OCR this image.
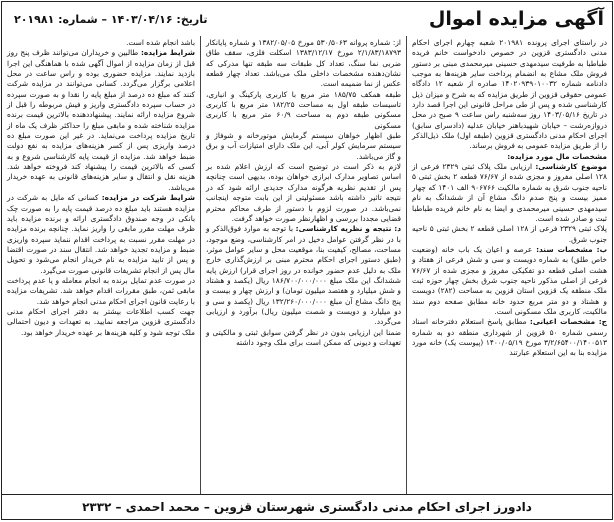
آگهی مزایده اموال
تاریخ: ۱۴۰۳/۰۴/۱۶ – شماره: ۲۰۱۹۸۱

در راستای اجرای پرونده ۲۰۱۹۸۱ شعبه چهارم اجرای احکام مدنی دادگستری قزوین در خصوص دادخواست خانم فریده طباطبا به طرفیت سیدمهدی حسینی میرمحمدی مبنی بر دستور فروش ملک مشاع به انضمام پرداخت سایر هزینه‌ها به موجب دادنامه شماره ۱۴۰۲۰۹۳۹۰۱۰۰۳۲ صادره از شعبه ۱۲ دادگاه عمومی حقوقی قزوین از طریق مزایده که به شرح و میزان ذیل کارشناسی شده و پس از طی مراحل قانونی این اجرا قصد دارد در تاریخ ۱۴۰۳/۰۵/۱۶ روز سه‌شنبه راس ساعت ۹ صبح در محل دروازه‌رشت – خیابان شهیدباهنر خیابان عدلیه (دادسرای سابق) اجرای احکام مدنی دادگستری قزوین (طبقه اول) ملک ذیل‌الذکر را از طریق مزایده عمومی به فروش برساند.

مشخصات مال مورد مزایده:

موضوع کارشناسی: ارزیابی ملک پلاک ثبتی ۲۳۲۹ فرعی از ۱۲۸ اصلی مفروز و مجزی شده از ۷۶/۶۷ قطعه ۲ بخش ثبتی ۵ ناحیه جنوب شرق به شماره مالکیت ۹۰۶۷۶۶ الف ۱۴۰۱ که چهار ممیز بیست و پنج صدم دانگ مشاع آن از ششدانگ به نام سیدمهدی حسینی میرمحمدی و ایضا به نام خانم فریده طباطبا ثبت و صادر شده است.

پلاک ثبتی ۲۳۲۹ فرعی از ۱۲۸ اصلی قطعه ۲ بخش ثبتی ۵ ناحیه جنوب شرق.

ب: مشخصات سند: عرصه و اعیان یک باب خانه (وضعیت خاص طلق) به شماره دویست و سی و شش فرعی از هفتاد و هشت اصلی قطعه دو تفکیکی مفروز و مجزی شده از ۷۶/۶۷ فرعی از اصلی مذکور ناحیه جنوب شرق بخش چهار حوزه ثبت ملک منطقه یک قزوین استان قزوین به مساحت (۲۸۲) دویست و هشتاد و دو متر مربع حدود خانه مطابق صفحه دوم سند مالکیت، کاربری ملک مسکونی است.

ج: مشخصات اعیانی: مطابق پاسخ استعلام دفترخانه اسناد رسمی شماره ۵۰ قزوین از شهرداری منطقه دو به شماره ۳/۲/۶۵۴۰۰/۱۴۰۰۵۱۳ مورخ ۱۴۰۰/۰۵/۱۹ (پیوست یک) خانه مورد مزایده بنا به این استعلام عبارتند

از: شماره پروانه ۵۳۰/۵۰۶۳ مورخ ۱۳۸۲/۰۵/۰۵ و شماره پایانکار ۲/۱/۸۳/۱۸۷۹۳ مورخ ۱۳۸۳/۱۲/۱۷ اسکلت فلزی، سقف طاق ضربی نما سنگ، تعداد کل طبقات سه طبقه تنها مدرکی که نشان‌دهنده مشخصات داخلی ملک می‌باشد. تعداد چهار قطعه عکس از نما ضمیمه است.

طبقه همکف ۱۸۵/۷۵ متر مربع با کاربری پارکینگ و انباری، تاسیسات طبقه اول به مساحت ۱۸۲/۲۵ متر مربع با کاربری مسکونی طبقه دوم به مساحت ۶۰/۹ متر مربع با کاربری مسکونی

طبق اظهار خواهان سیستم گرمایش موتورخانه و شوفاژ و سیستم سرمایش کولر آبی، این ملک دارای امتیازات آب و برق و گاز می‌باشد.

لازم به ذکر است در توضیح است که ارزش اعلام شده بر اساس تصاویر مدارک ابرازی خواهان بوده، بدیهی است چنانچه پس از تقدیم نظریه هرگونه مدارک جدیدی ارائه شود که در نتیجه تاثیر داشته باشد مسئولیتی از این بابت متوجه اینجانب نمی‌باشد. در صورت لزوم با دستور از طرف محاکم محترم قضایی مجددا بررسی و اظهارنظر صورت خواهد گرفت.

د: نتیجه و نظریه کارشناسی: با توجه به موارد فوق‌الذکر و با در نظر گرفتن عوامل دخیل در امر کارشناسی، وضع موجود، مساحت، مصالح، کیفیت بنا، موقعیت محل و سایر عوامل موثر، (طبق دستور اجرای احکام محترم مبنی بر ارزش‌گذاری خارج ملک به دلیل عدم حضور خوانده در روز اجرای قرار) ارزش پایه ششدانگ این ملک مبلغ ۱۸۶/۷۰۰/۰۰۰/۰۰۰ ریال (یکصد و هشتاد و شش میلیارد و هفتصد میلیون تومان) و ارزش چهار و بیست و پنج دانگ مشاع آن مبلغ ۱۳۲/۲۶۰/۰۰۰/۰۰۰ ریال (یکصد و سی و دو میلیارد و دویست و شصت میلیون ریال) برآورد و ارزیابی می‌گردد.

ضمنا این ارزیابی بدون در نظر گرفتن سوابق ثبتی و مالکیتی و تعهدات و دیونی که ممکن است برای ملک وجود داشته

باشد انجام شده است.

شرایط مزایده: طالبین و خریداران می‌توانند ظرف پنج روز قبل از زمان مزایده از اموال آگهی شده با هماهنگی این اجرا بازدید نمایند. مزایده حضوری بوده و راس ساعت در محل اعلامی برگزار می‌گردد. کسانی می‌توانند در مزایده شرکت کنند که مبلغ ده درصد از مبلغ پایه را نقدا و به صورت سپرده در حساب سپرده دادگستری واریز و فیش مربوطه را قبل از شروع مزایده ارائه نمایند. پیشنهاددهنده بالاترین قیمت برنده مزایده شناخته شده و مابقی مبلغ را حداکثر ظرف یک ماه از تاریخ مزایده پرداخت می‌نماید. در غیر این صورت مبلغ ده درصد واریزی پس از کسر هزینه‌های مزایده به نفع دولت ضبط خواهد شد. مزایده از قیمت پایه کارشناسی شروع و به کسی که بالاترین قیمت را پیشنهاد کند فروخته خواهد شد. هزینه نقل و انتقال و سایر هزینه‌های قانونی به عهده خریدار می‌باشد.

شرایط شرکت در مزایده: کسانی که مایل به شرکت در مزایده هستند باید مبلغ ده درصد قیمت پایه را به صورت چک بانکی در وجه صندوق دادگستری ارائه و برنده مزایده باید ظرف مهلت مقرر مابقی را واریز نماید. چنانچه برنده مزایده در مهلت مقرر نسبت به پرداخت اقدام ننماید سپرده واریزی ضبط و مزایده تجدید خواهد شد. انتقال سند در صورت اقتضا و پس از تایید مزایده به نام خریدار انجام می‌شود و تحویل مال پس از انجام تشریفات قانونی صورت می‌گیرد.

در صورت عدم تمایل برنده به انجام معامله و یا عدم پرداخت مابقی ثمن، طبق مقررات اقدام خواهد شد. تشریفات مزایده با رعایت قانون اجرای احکام مدنی انجام خواهد شد.

جهت کسب اطلاعات بیشتر به دفتر اجرای احکام مدنی دادگستری قزوین مراجعه نمایید. به تعهدات و دیون احتمالی ملک توجه شود و کلیه هزینه‌ها بر عهده خریدار خواهد بود.

دادورز اجرای احکام مدنی دادگستری شهرستان قزوین – محمد احمدی – ۲۳۳۲
